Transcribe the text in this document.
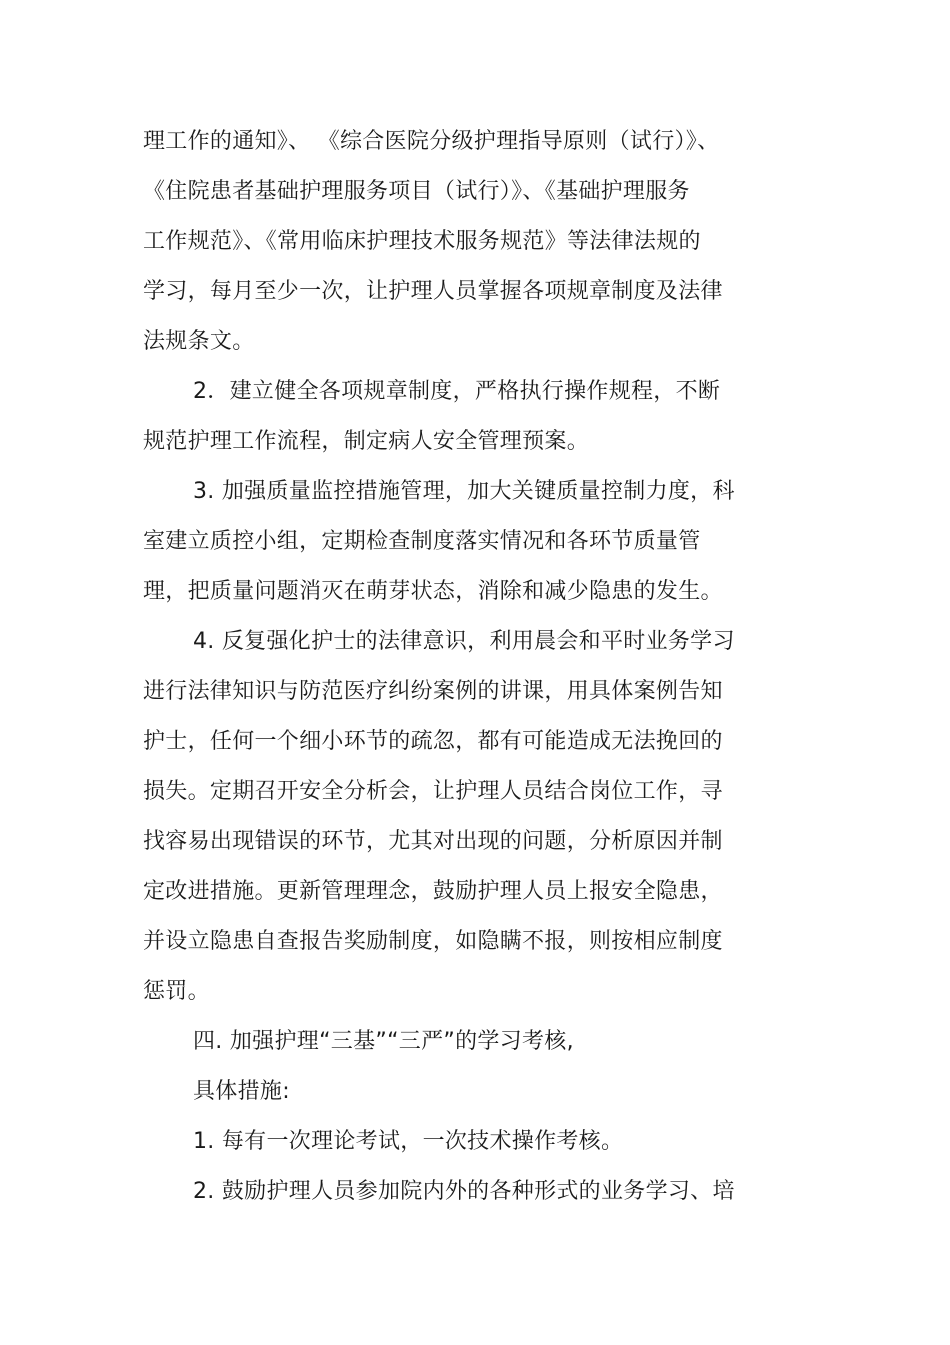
理工作的通知》、 《综合医院分级护理指导原则（试行）》、
《住院患者基础护理服务项目（试行）》、《基础护理服务
工作规范》、《常用临床护理技术服务规范》等法律法规的
学习，每月至少一次，让护理人员掌握各项规章制度及法律
法规条文。
2．建立健全各项规章制度，严格执行操作规程，不断
规范护理工作流程，制定病人安全管理预案。
3. 加强质量监控措施管理，加大关键质量控制力度，科
室建立质控小组，定期检查制度落实情况和各环节质量管
理，把质量问题消灭在萌芽状态，消除和减少隐患的发生。
4. 反复强化护士的法律意识，利用晨会和平时业务学习
进行法律知识与防范医疗纠纷案例的讲课，用具体案例告知
护士，任何一个细小环节的疏忽，都有可能造成无法挽回的
损失。定期召开安全分析会，让护理人员结合岗位工作，寻
找容易出现错误的环节，尤其对出现的问题，分析原因并制
定改进措施。更新管理理念，鼓励护理人员上报安全隐患，
并设立隐患自查报告奖励制度，如隐瞒不报，则按相应制度
惩罚。
四. 加强护理“三基”“三严”的学习考核,
具体措施:
1. 每有一次理论考试，一次技术操作考核。
2. 鼓励护理人员参加院内外的各种形式的业务学习、培
